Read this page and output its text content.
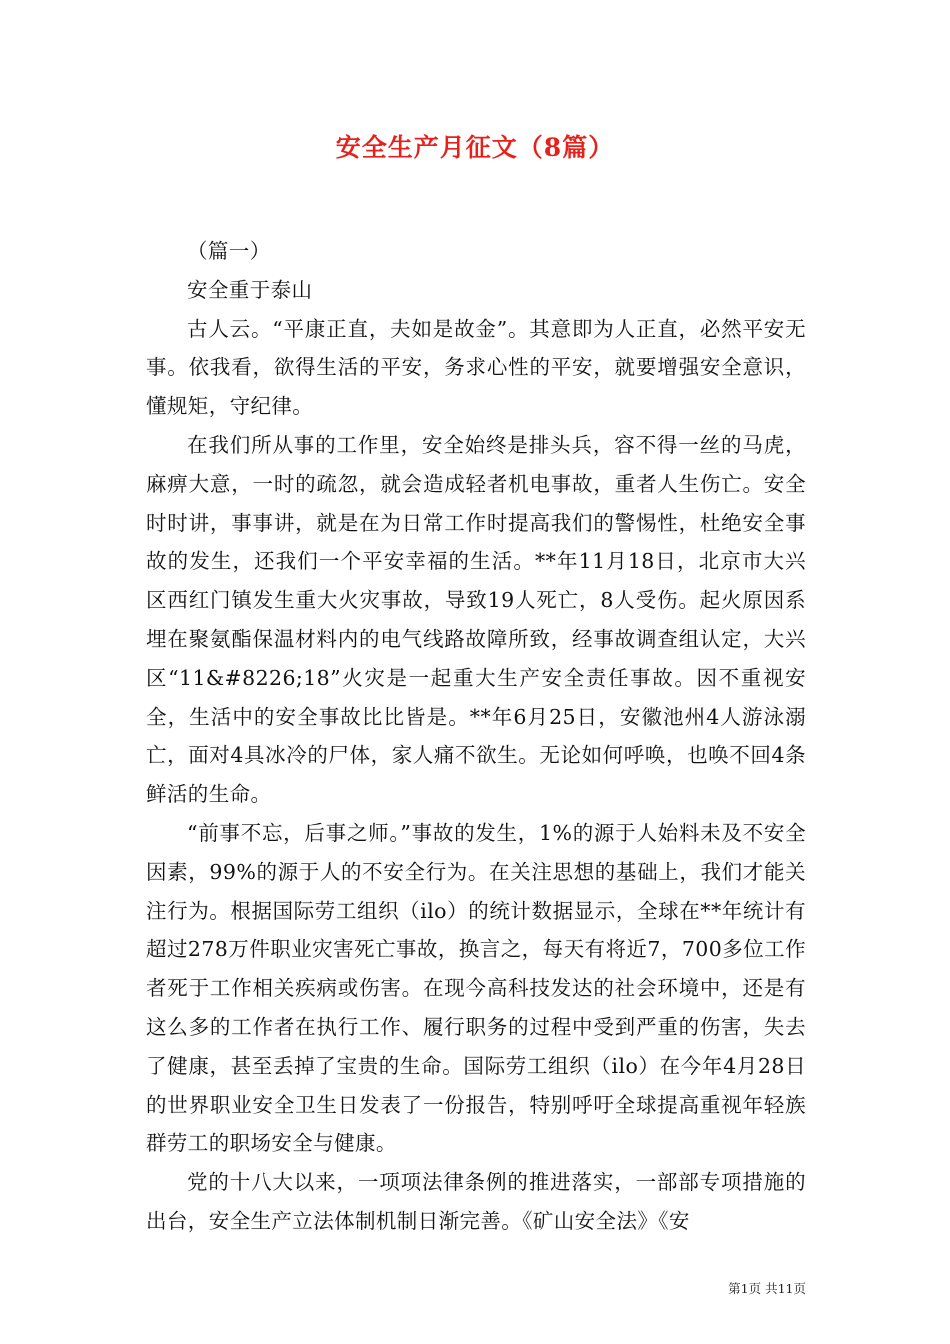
安全生产月征文（8篇）

（篇一）

安全重于泰山

古人云。“平康正直，夫如是故金”。其意即为人正直，必然平安无事。依我看，欲得生活的平安，务求心性的平安，就要增强安全意识，懂规矩，守纪律。

在我们所从事的工作里，安全始终是排头兵，容不得一丝的马虎，麻痹大意，一时的疏忽，就会造成轻者机电事故，重者人生伤亡。安全时时讲，事事讲，就是在为日常工作时提高我们的警惕性，杜绝安全事故的发生，还我们一个平安幸福的生活。**年11月18日，北京市大兴区西红门镇发生重大火灾事故，导致19人死亡，8人受伤。起火原因系埋在聚氨酯保温材料内的电气线路故障所致，经事故调查组认定，大兴区“11&#8226;18”火灾是一起重大生产安全责任事故。因不重视安全，生活中的安全事故比比皆是。**年6月25日，安徽池州4人游泳溺亡，面对4具冰冷的尸体，家人痛不欲生。无论如何呼唤，也唤不回4条鲜活的生命。

“前事不忘，后事之师。”事故的发生，1%的源于人始料未及不安全因素，99%的源于人的不安全行为。在关注思想的基础上，我们才能关注行为。根据国际劳工组织（ilo）的统计数据显示，全球在**年统计有超过278万件职业灾害死亡事故，换言之，每天有将近7，700多位工作者死于工作相关疾病或伤害。在现今高科技发达的社会环境中，还是有这么多的工作者在执行工作、履行职务的过程中受到严重的伤害，失去了健康，甚至丢掉了宝贵的生命。国际劳工组织（ilo）在今年4月28日的世界职业安全卫生日发表了一份报告，特别呼吁全球提高重视年轻族群劳工的职场安全与健康。

党的十八大以来，一项项法律条例的推进落实，一部部专项措施的出台，安全生产立法体制机制日渐完善。《矿山安全法》《安

第1页 共11页
